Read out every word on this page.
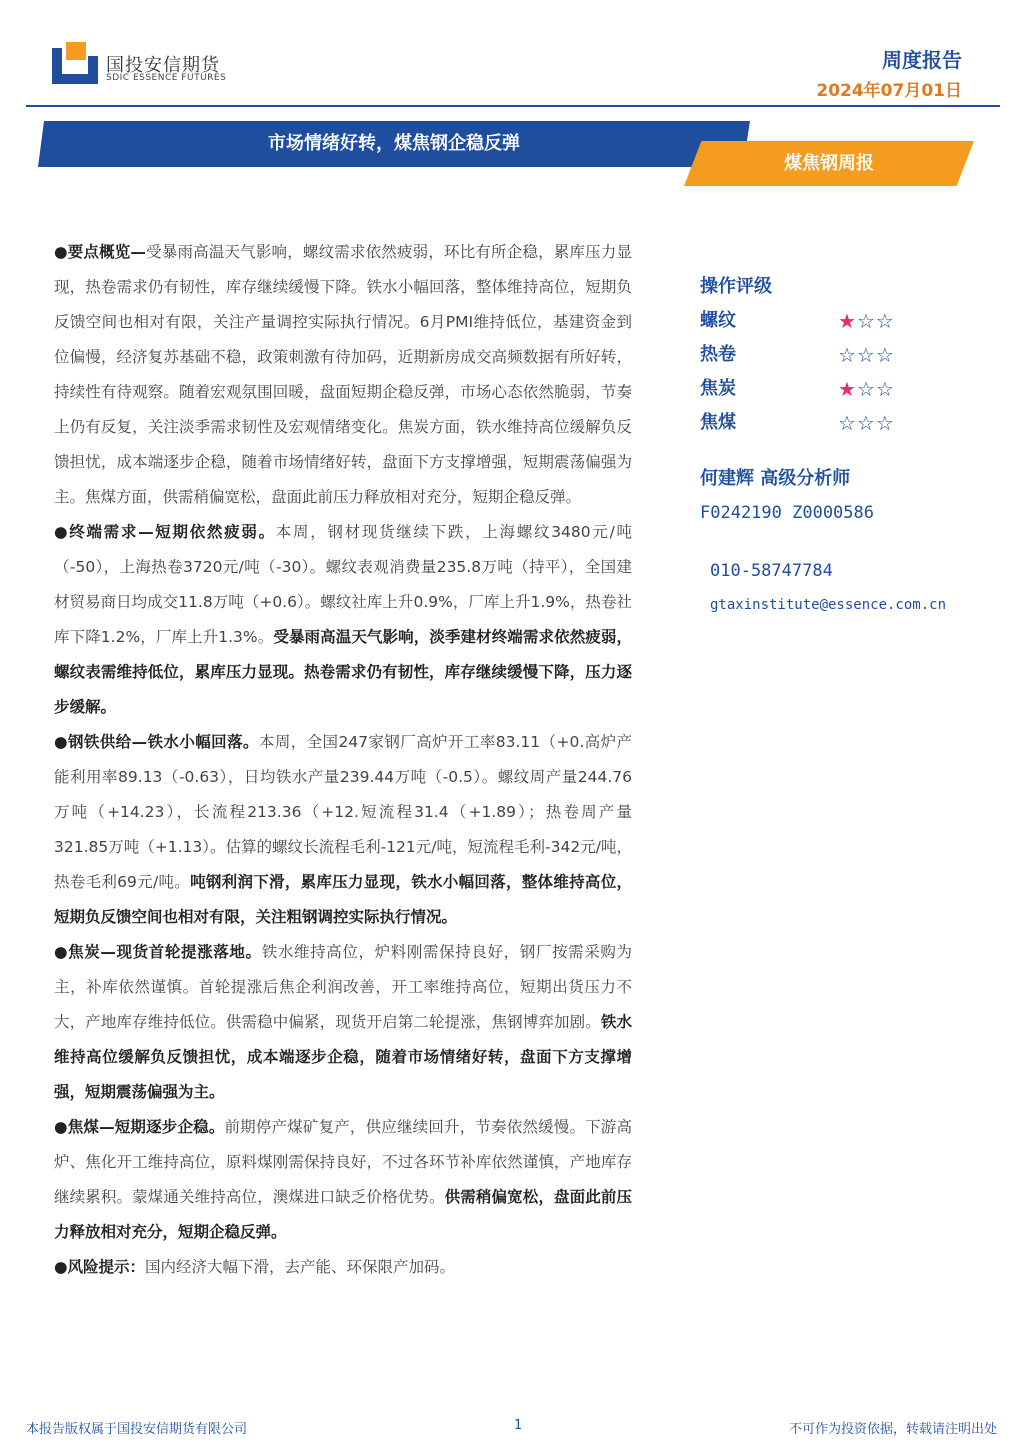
国投安信期货
SDIC ESSENCE FUTURES
周度报告
2024年07月01日
市场情绪好转，煤焦钢企稳反弹
煤焦钢周报

●要点概览—受暴雨高温天气影响，螺纹需求依然疲弱，环比有所企稳，累库压力显现，热卷需求仍有韧性，库存继续缓慢下降。铁水小幅回落，整体维持高位，短期负反馈空间也相对有限，关注产量调控实际执行情况。6月PMI维持低位，基建资金到位偏慢，经济复苏基础不稳，政策刺激有待加码，近期新房成交高频数据有所好转，持续性有待观察。随着宏观氛围回暖，盘面短期企稳反弹，市场心态依然脆弱，节奏上仍有反复，关注淡季需求韧性及宏观情绪变化。焦炭方面，铁水维持高位缓解负反馈担忧，成本端逐步企稳，随着市场情绪好转，盘面下方支撑增强，短期震荡偏强为主。焦煤方面，供需稍偏宽松，盘面此前压力释放相对充分，短期企稳反弹。

●终端需求—短期依然疲弱。本周，钢材现货继续下跌，上海螺纹3480元/吨（-50），上海热卷3720元/吨（-30）。螺纹表观消费量235.8万吨（持平），全国建材贸易商日均成交11.8万吨（+0.6）。螺纹社库上升0.9%，厂库上升1.9%，热卷社库下降1.2%，厂库上升1.3%。受暴雨高温天气影响，淡季建材终端需求依然疲弱，螺纹表需维持低位，累库压力显现。热卷需求仍有韧性，库存继续缓慢下降，压力逐步缓解。

●钢铁供给—铁水小幅回落。本周，全国247家钢厂高炉开工率83.11（+0.高炉产能利用率89.13（-0.63），日均铁水产量239.44万吨（-0.5）。螺纹周产量244.76万吨（+14.23），长流程213.36（+12.短流程31.4（+1.89）；热卷周产量321.85万吨（+1.13）。估算的螺纹长流程毛利-121元/吨，短流程毛利-342元/吨，热卷毛利69元/吨。吨钢利润下滑，累库压力显现，铁水小幅回落，整体维持高位，短期负反馈空间也相对有限，关注粗钢调控实际执行情况。

●焦炭—现货首轮提涨落地。铁水维持高位，炉料刚需保持良好，钢厂按需采购为主，补库依然谨慎。首轮提涨后焦企利润改善，开工率维持高位，短期出货压力不大，产地库存维持低位。供需稳中偏紧，现货开启第二轮提涨，焦钢博弈加剧。铁水维持高位缓解负反馈担忧，成本端逐步企稳，随着市场情绪好转，盘面下方支撑增强，短期震荡偏强为主。

●焦煤—短期逐步企稳。前期停产煤矿复产，供应继续回升，节奏依然缓慢。下游高炉、焦化开工维持高位，原料煤刚需保持良好，不过各环节补库依然谨慎，产地库存继续累积。蒙煤通关维持高位，澳煤进口缺乏价格优势。供需稍偏宽松，盘面此前压力释放相对充分，短期企稳反弹。

●风险提示：国内经济大幅下滑，去产能、环保限产加码。

操作评级
螺纹	★☆☆
热卷	☆☆☆
焦炭	★☆☆
焦煤	☆☆☆
何建辉 高级分析师
F0242190 Z0000586
010-58747784
gtaxinstitute@essence.com.cn
本报告版权属于国投安信期货有限公司	1	不可作为投资依据，转载请注明出处
